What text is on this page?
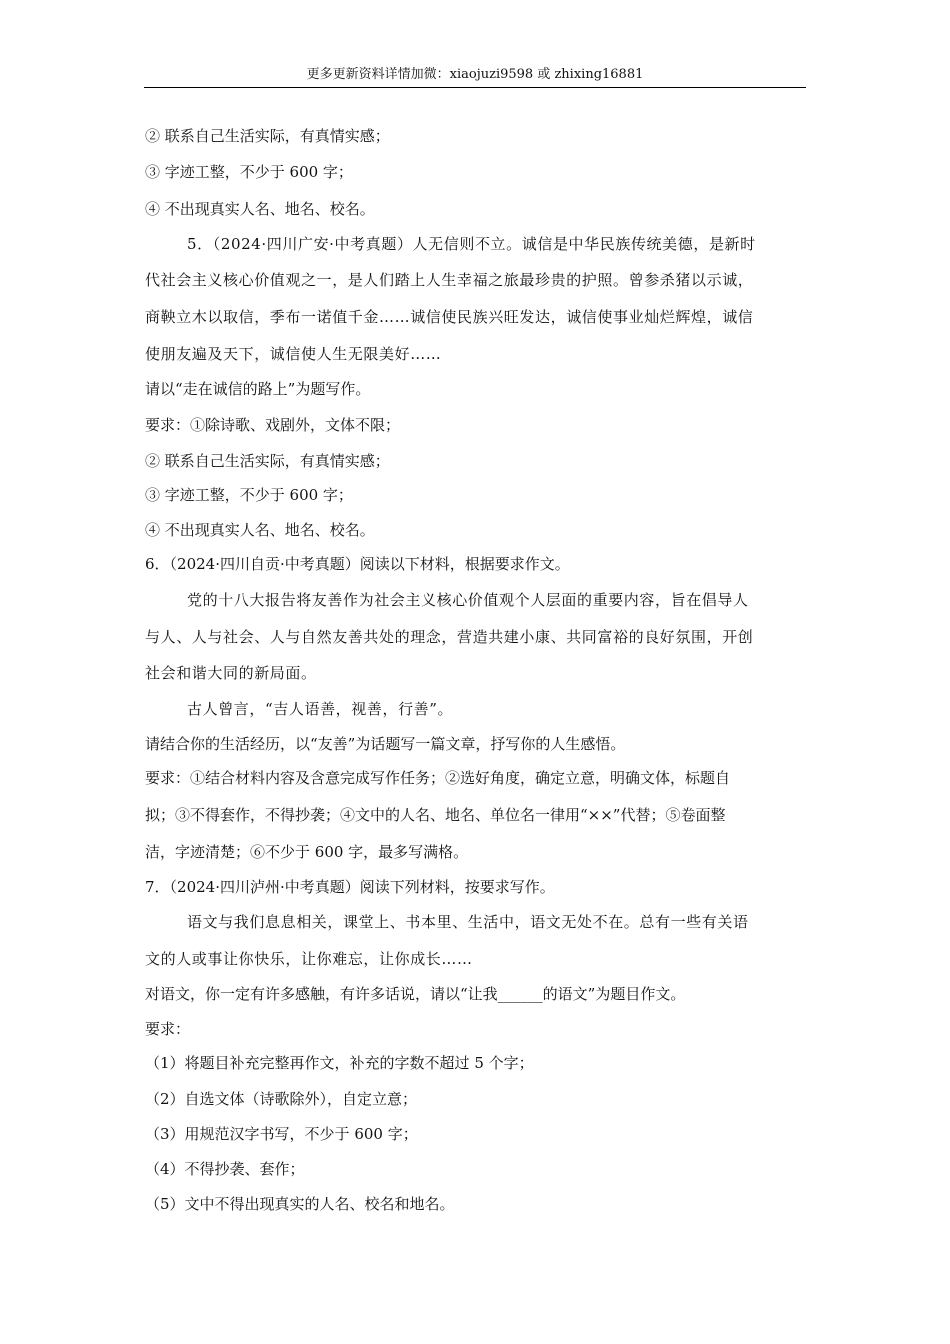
更多更新资料详情加微：xiaojuzi9598 或 zhixing16881
② 联系自己生活实际，有真情实感；
③ 字迹工整，不少于 600 字；
④ 不出现真实人名、地名、校名。
5．（2024·四川广安·中考真题）人无信则不立。诚信是中华民族传统美德，是新时
代社会主义核心价值观之一，是人们踏上人生幸福之旅最珍贵的护照。曾参杀猪以示诚，
商鞅立木以取信，季布一诺值千金……诚信使民族兴旺发达，诚信使事业灿烂辉煌，诚信
使朋友遍及天下，诚信使人生无限美好……
请以“走在诚信的路上”为题写作。
要求：①除诗歌、戏剧外，文体不限；
② 联系自己生活实际，有真情实感；
③ 字迹工整，不少于 600 字；
④ 不出现真实人名、地名、校名。
6．（2024·四川自贡·中考真题）阅读以下材料，根据要求作文。
党的十八大报告将友善作为社会主义核心价值观个人层面的重要内容，旨在倡导人
与人、人与社会、人与自然友善共处的理念，营造共建小康、共同富裕的良好氛围，开创
社会和谐大同的新局面。
古人曾言，“吉人语善，视善，行善”。
请结合你的生活经历，以“友善”为话题写一篇文章，抒写你的人生感悟。
要求：①结合材料内容及含意完成写作任务；②选好角度，确定立意，明确文体，标题自
拟；③不得套作，不得抄袭；④文中的人名、地名、单位名一律用“××”代替；⑤卷面整
洁，字迹清楚；⑥不少于 600 字，最多写满格。
7．（2024·四川泸州·中考真题）阅读下列材料，按要求写作。
语文与我们息息相关，课堂上、书本里、生活中，语文无处不在。总有一些有关语
文的人或事让你快乐，让你难忘，让你成长……
对语文，你一定有许多感触，有许多话说，请以“让我______的语文”为题目作文。
要求：
（1）将题目补充完整再作文，补充的字数不超过 5 个字；
（2）自选文体（诗歌除外），自定立意；
（3）用规范汉字书写，不少于 600 字；
（4）不得抄袭、套作；
（5）文中不得出现真实的人名、校名和地名。
